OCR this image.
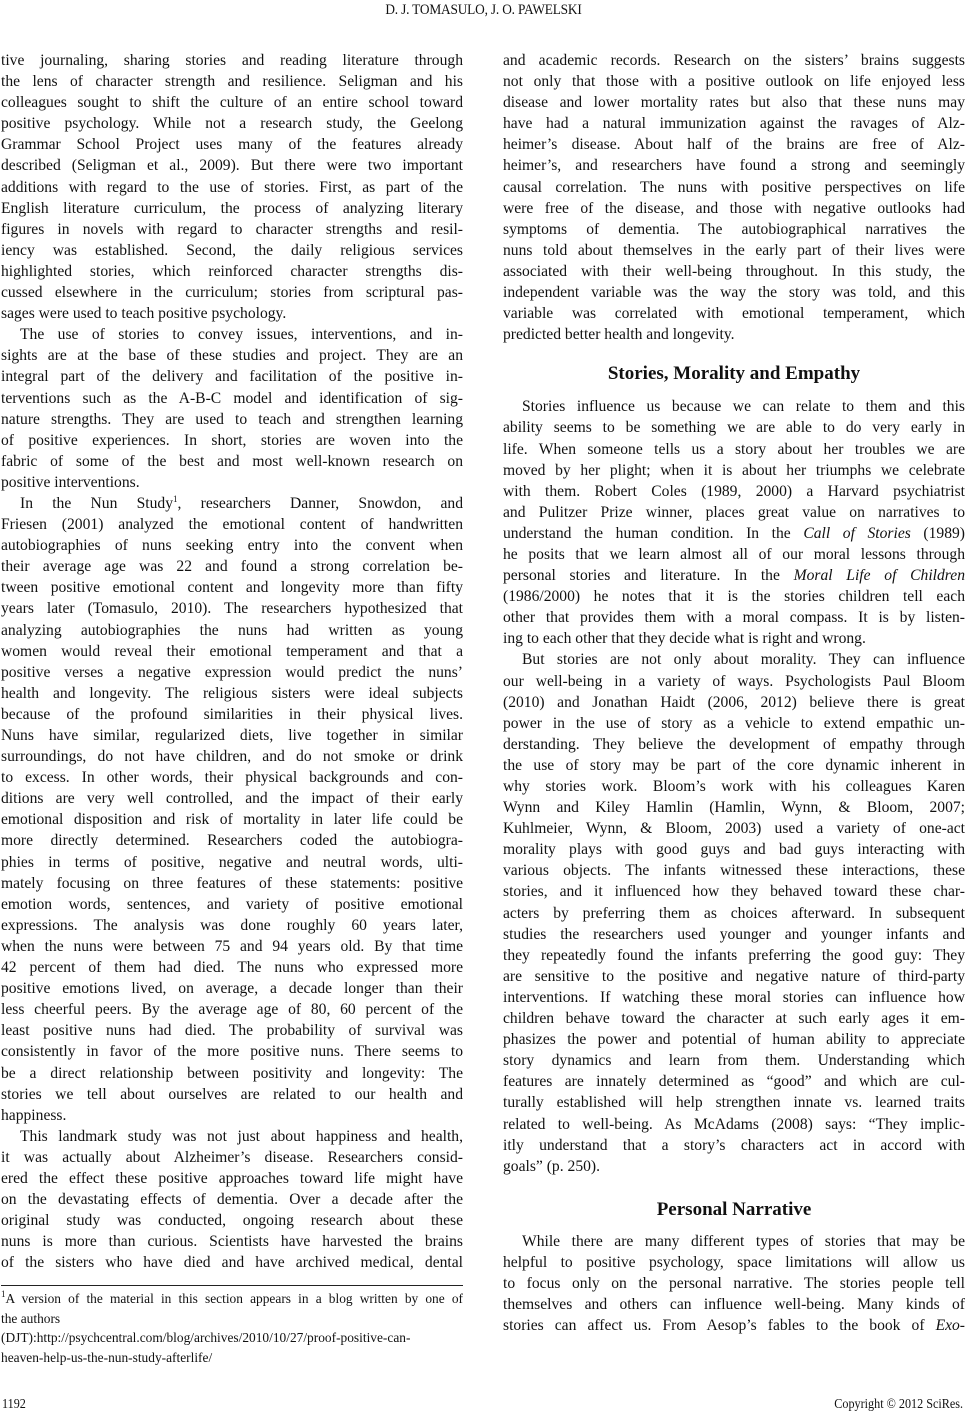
D. J. TOMASULO, J. O. PAWELSKI
tive journaling, sharing stories and reading literature through
the lens of character strength and resilience. Seligman and his
colleagues sought to shift the culture of an entire school toward
positive psychology. While not a research study, the Geelong
Grammar School Project uses many of the features already
described (Seligman et al., 2009). But there were two important
additions with regard to the use of stories. First, as part of the
English literature curriculum, the process of analyzing literary
figures in novels with regard to character strengths and resil-
iency was established. Second, the daily religious services
highlighted stories, which reinforced character strengths dis-
cussed elsewhere in the curriculum; stories from scriptural pas-
sages were used to teach positive psychology.
The use of stories to convey issues, interventions, and in-
sights are at the base of these studies and project. They are an
integral part of the delivery and facilitation of the positive in-
terventions such as the A-B-C model and identification of sig-
nature strengths. They are used to teach and strengthen learning
of positive experiences. In short, stories are woven into the
fabric of some of the best and most well-known research on
positive interventions.
In the Nun Study$^1$, researchers Danner, Snowdon, and
Friesen (2001) analyzed the emotional content of handwritten
autobiographies of nuns seeking entry into the convent when
their average age was 22 and found a strong correlation be-
tween positive emotional content and longevity more than fifty
years later (Tomasulo, 2010). The researchers hypothesized that
analyzing autobiographies the nuns had written as young
women would reveal their emotional temperament and that a
positive verses a negative expression would predict the nuns’
health and longevity. The religious sisters were ideal subjects
because of the profound similarities in their physical lives.
Nuns have similar, regularized diets, live together in similar
surroundings, do not have children, and do not smoke or drink
to excess. In other words, their physical backgrounds and con-
ditions are very well controlled, and the impact of their early
emotional disposition and risk of mortality in later life could be
more directly determined. Researchers coded the autobiogra-
phies in terms of positive, negative and neutral words, ulti-
mately focusing on three features of these statements: positive
emotion words, sentences, and variety of positive emotional
expressions. The analysis was done roughly 60 years later,
when the nuns were between 75 and 94 years old. By that time
42 percent of them had died. The nuns who expressed more
positive emotions lived, on average, a decade longer than their
less cheerful peers. By the average age of 80, 60 percent of the
least positive nuns had died. The probability of survival was
consistently in favor of the more positive nuns. There seems to
be a direct relationship between positivity and longevity: The
stories we tell about ourselves are related to our health and
happiness.
This landmark study was not just about happiness and health,
it was actually about Alzheimer’s disease. Researchers consid-
ered the effect these positive approaches toward life might have
on the devastating effects of dementia. Over a decade after the
original study was conducted, ongoing research about these
nuns is more than curious. Scientists have harvested the brains
of the sisters who have died and have archived medical, dental
and academic records. Research on the sisters’ brains suggests
not only that those with a positive outlook on life enjoyed less
disease and lower mortality rates but also that these nuns may
have had a natural immunization against the ravages of Alz-
heimer’s disease. About half of the brains are free of Alz-
heimer’s, and researchers have found a strong and seemingly
causal correlation. The nuns with positive perspectives on life
were free of the disease, and those with negative outlooks had
symptoms of dementia. The autobiographical narratives the
nuns told about themselves in the early part of their lives were
associated with their well-being throughout. In this study, the
independent variable was the way the story was told, and this
variable was correlated with emotional temperament, which
predicted better health and longevity.
Stories, Morality and Empathy
Stories influence us because we can relate to them and this
ability seems to be something we are able to do very early in
life. When someone tells us a story about her troubles we are
moved by her plight; when it is about her triumphs we celebrate
with them. Robert Coles (1989, 2000) a Harvard psychiatrist
and Pulitzer Prize winner, places great value on narratives to
understand the human condition. In the Call of Stories (1989)
he posits that we learn almost all of our moral lessons through
personal stories and literature. In the Moral Life of Children
(1986/2000) he notes that it is the stories children tell each
other that provides them with a moral compass. It is by listen-
ing to each other that they decide what is right and wrong.
But stories are not only about morality. They can influence
our well-being in a variety of ways. Psychologists Paul Bloom
(2010) and Jonathan Haidt (2006, 2012) believe there is great
power in the use of story as a vehicle to extend empathic un-
derstanding. They believe the development of empathy through
the use of story may be part of the core dynamic inherent in
why stories work. Bloom’s work with his colleagues Karen
Wynn and Kiley Hamlin (Hamlin, Wynn, & Bloom, 2007;
Kuhlmeier, Wynn, & Bloom, 2003) used a variety of one-act
morality plays with good guys and bad guys interacting with
various objects. The infants witnessed these interactions, these
stories, and it influenced how they behaved toward these char-
acters by preferring them as choices afterward. In subsequent
studies the researchers used younger and younger infants and
they repeatedly found the infants preferring the good guy: They
are sensitive to the positive and negative nature of third-party
interventions. If watching these moral stories can influence how
children behave toward the character at such early ages it em-
phasizes the power and potential of human ability to appreciate
story dynamics and learn from them. Understanding which
features are innately determined as “good” and which are cul-
turally established will help strengthen innate vs. learned traits
related to well-being. As McAdams (2008) says: “They implic-
itly understand that a story’s characters act in accord with
goals” (p. 250).
Personal Narrative
While there are many different types of stories that may be
helpful to positive psychology, space limitations will allow us
to focus only on the personal narrative. The stories people tell
themselves and others can influence well-being. Many kinds of
stories can affect us. From Aesop’s fables to the book of Exo-
$^1$A version of the material in this section appears in a blog written by one of
the authors
(DJT):http://psychcentral.com/blog/archives/2010/10/27/proof-positive-can-
heaven-help-us-the-nun-study-afterlife/
1192	Copyright © 2012 SciRes.
